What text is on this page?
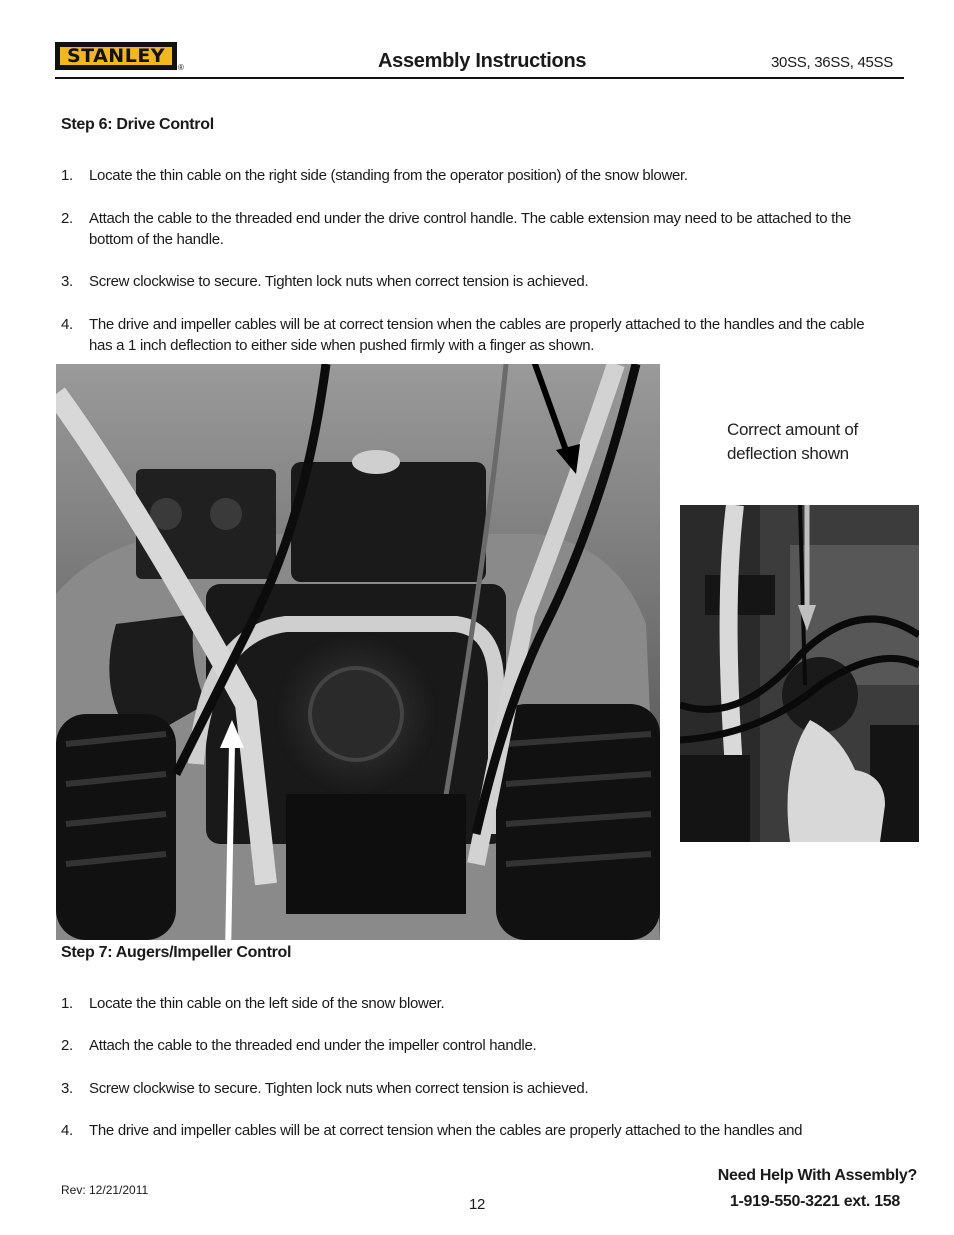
STANLEY
®	Assembly Instructions	30SS, 36SS, 45SS
Step 6: Drive Control
1.	Locate the thin cable on the right side (standing from the operator position) of the snow blower.
2.	Attach the cable to the threaded end under the drive control handle. The cable extension may need to be attached to the bottom of the handle.
3.	Screw clockwise to secure. Tighten lock nuts when correct tension is achieved.
4.	The drive and impeller cables will be at correct tension when the cables are properly attached to the handles and the cable has a 1 inch deflection to either side when pushed firmly with a finger as shown.
Correct amount of deflection shown
Step 7: Augers/Impeller Control
1.	Locate the thin cable on the left side of the snow blower.
2.	Attach the cable to the threaded end under the impeller control handle.
3.	Screw clockwise to secure. Tighten lock nuts when correct tension is achieved.
4.	The drive and impeller cables will be at correct tension when the cables are properly attached to the handles and
Rev: 12/21/2011
12
Need Help With Assembly?
1-919-550-3221 ext. 158
